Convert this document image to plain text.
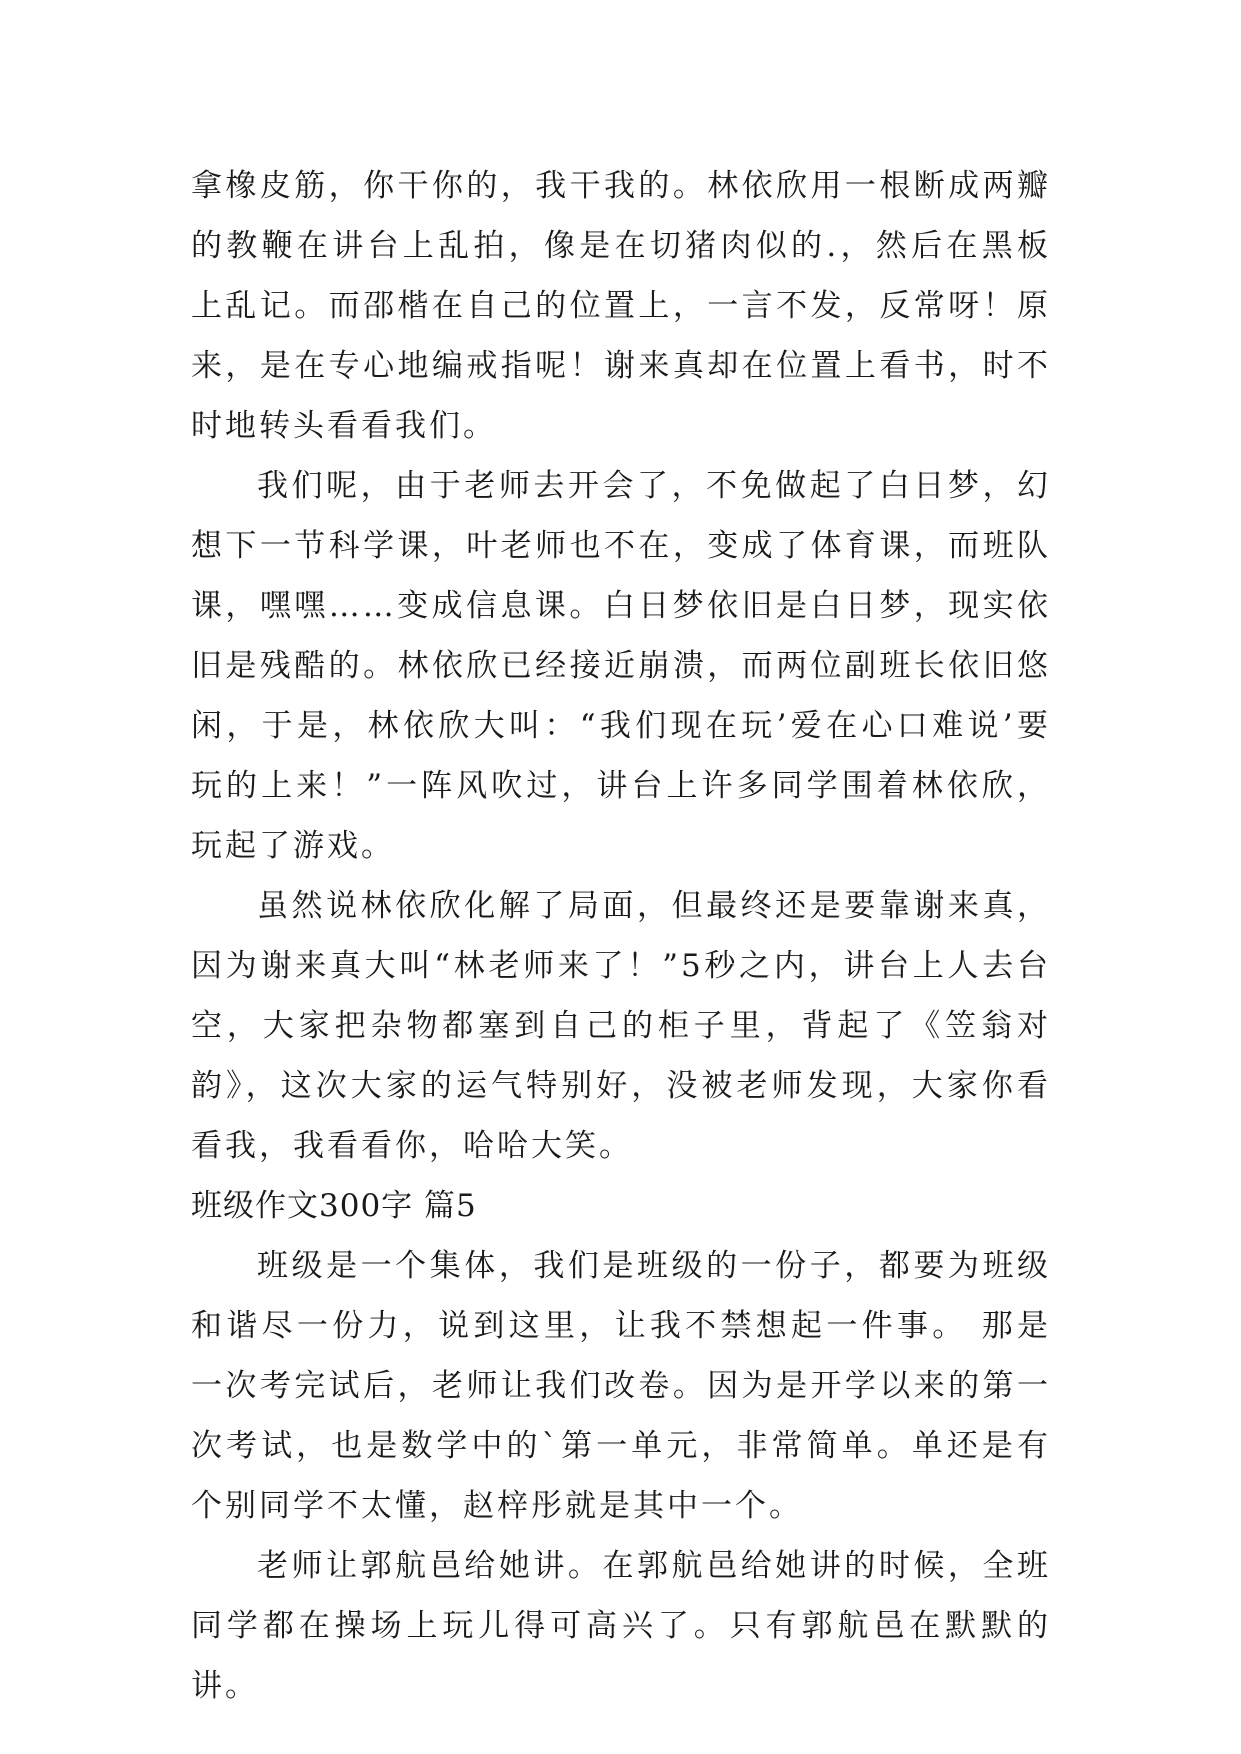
拿橡皮筋，你干你的，我干我的。林依欣用一根断成两瓣的教鞭在讲台上乱拍，像是在切猪肉似的.，然后在黑板上乱记。而邵楷在自己的位置上，一言不发，反常呀！原来，是在专心地编戒指呢！谢来真却在位置上看书，时不时地转头看看我们。

我们呢，由于老师去开会了，不免做起了白日梦，幻想下一节科学课，叶老师也不在，变成了体育课，而班队课，嘿嘿……变成信息课。白日梦依旧是白日梦，现实依旧是残酷的。林依欣已经接近崩溃，而两位副班长依旧悠闲，于是，林依欣大叫：“我们现在玩’爱在心口难说’要玩的上来！”一阵风吹过，讲台上许多同学围着林依欣，玩起了游戏。

虽然说林依欣化解了局面，但最终还是要靠谢来真，因为谢来真大叫“林老师来了！”5秒之内，讲台上人去台空，大家把杂物都塞到自己的柜子里，背起了《笠翁对韵》，这次大家的运气特别好，没被老师发现，大家你看看我，我看看你，哈哈大笑。

班级作文300字 篇5

班级是一个集体，我们是班级的一份子，都要为班级和谐尽一份力，说到这里，让我不禁想起一件事。 那是一次考完试后，老师让我们改卷。因为是开学以来的第一次考试，也是数学中的`第一单元，非常简单。单还是有个别同学不太懂，赵梓彤就是其中一个。

老师让郭航邑给她讲。在郭航邑给她讲的时候，全班同学都在操场上玩儿得可高兴了。只有郭航邑在默默的讲。
